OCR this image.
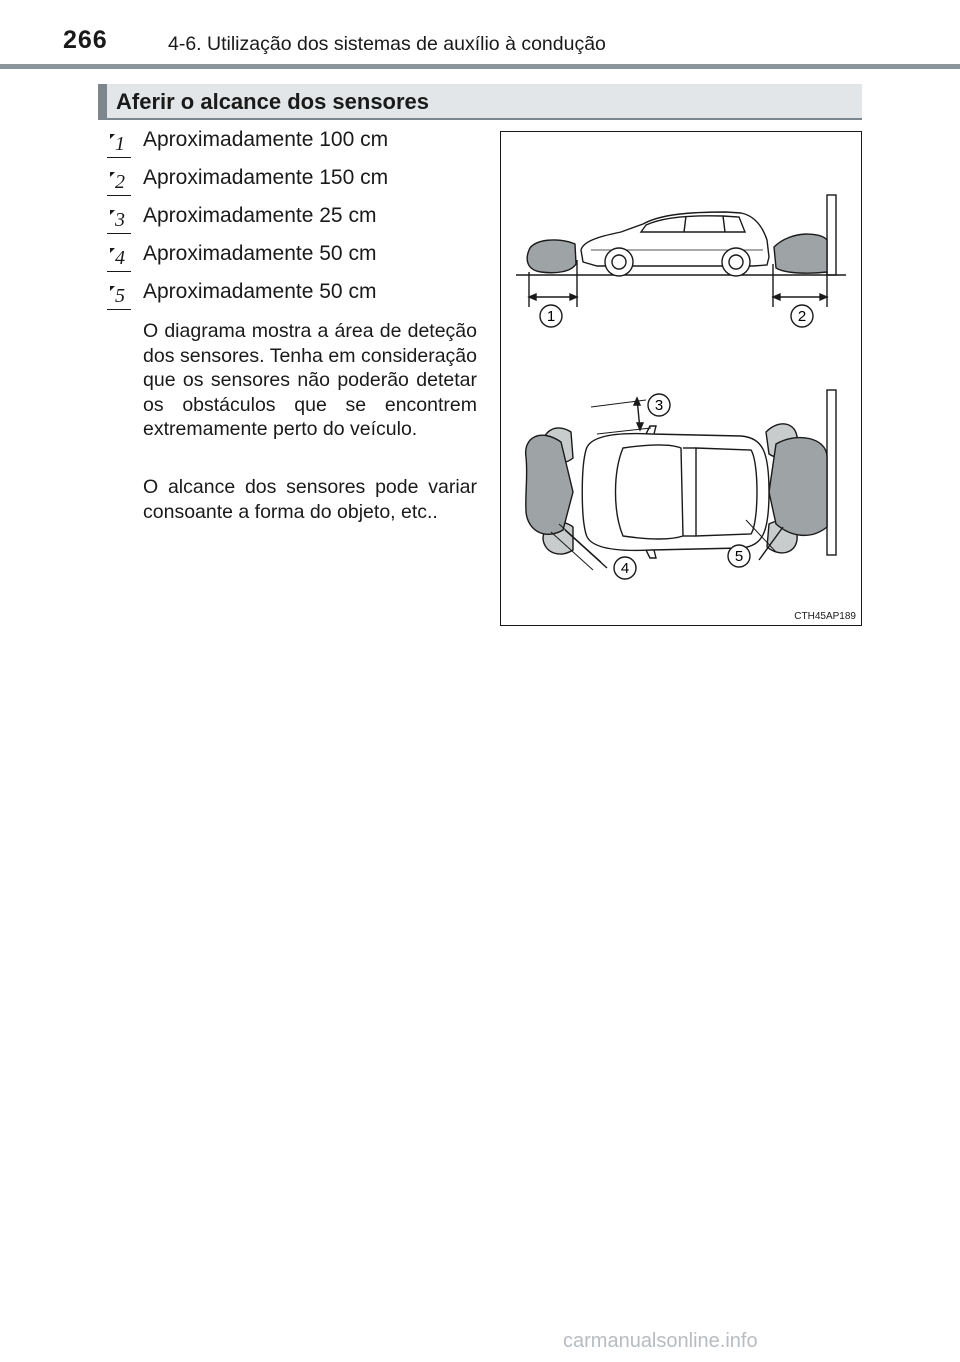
266	4-6. Utilização dos sistemas de auxílio à condução
Aferir o alcance dos sensores
1 Aproximadamente 100 cm
2 Aproximadamente 150 cm
3 Aproximadamente 25 cm
4 Aproximadamente 50 cm
5 Aproximadamente 50 cm

O diagrama mostra a área de deteção dos sensores. Tenha em consideração que os sensores não poderão detetar os obstáculos que se encontrem extremamente perto do veículo.

O alcance dos sensores pode variar consoante a forma do objeto, etc..

1	2
3
4
5
CTH45AP189
carmanualsonline.info
